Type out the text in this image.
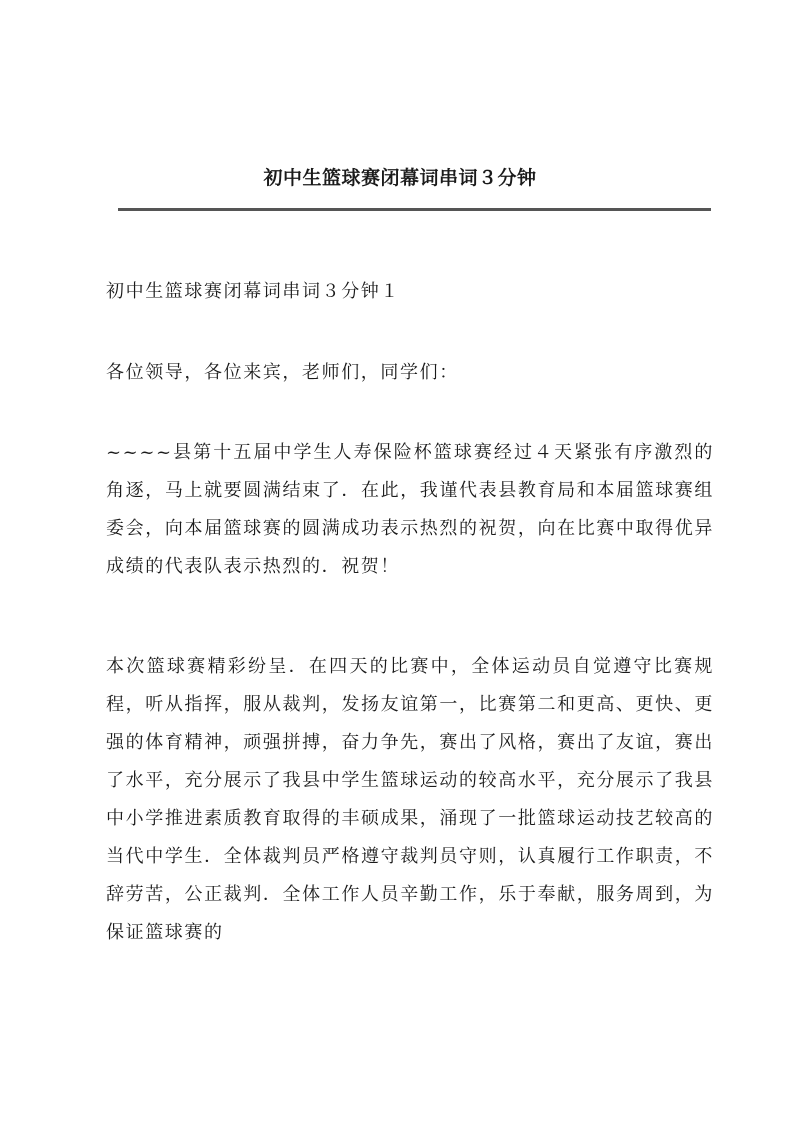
初中生篮球赛闭幕词串词３分钟
初中生篮球赛闭幕词串词３分钟１
各位领导，各位来宾，老师们，同学们：
~~~~县第十五届中学生人寿保险杯篮球赛经过４天紧张有序激烈的角逐，马上就要圆满结束了．在此，我谨代表县教育局和本届篮球赛组委会，向本届篮球赛的圆满成功表示热烈的祝贺，向在比赛中取得优异成绩的代表队表示热烈的．祝贺！
本次篮球赛精彩纷呈．在四天的比赛中，全体运动员自觉遵守比赛规程，听从指挥，服从裁判，发扬友谊第一，比赛第二和更高、更快、更强的体育精神，顽强拼搏，奋力争先，赛出了风格，赛出了友谊，赛出了水平，充分展示了我县中学生篮球运动的较高水平，充分展示了我县中小学推进素质教育取得的丰硕成果，涌现了一批篮球运动技艺较高的当代中学生．全体裁判员严格遵守裁判员守则，认真履行工作职责，不辞劳苦，公正裁判．全体工作人员辛勤工作，乐于奉献，服务周到，为保证篮球赛的
